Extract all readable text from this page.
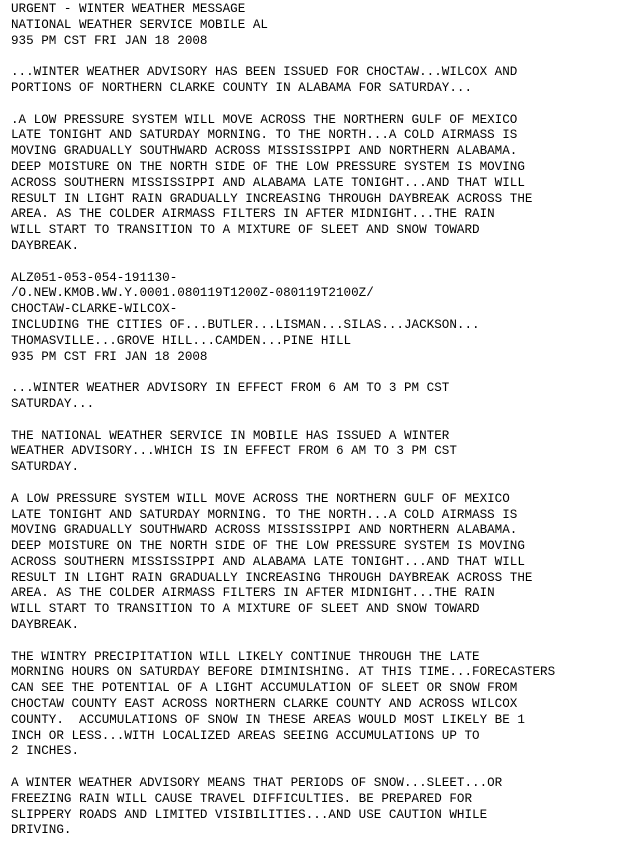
URGENT - WINTER WEATHER MESSAGE
NATIONAL WEATHER SERVICE MOBILE AL
935 PM CST FRI JAN 18 2008
...WINTER WEATHER ADVISORY HAS BEEN ISSUED FOR CHOCTAW...WILCOX AND
PORTIONS OF NORTHERN CLARKE COUNTY IN ALABAMA FOR SATURDAY...
.A LOW PRESSURE SYSTEM WILL MOVE ACROSS THE NORTHERN GULF OF MEXICO
LATE TONIGHT AND SATURDAY MORNING. TO THE NORTH...A COLD AIRMASS IS
MOVING GRADUALLY SOUTHWARD ACROSS MISSISSIPPI AND NORTHERN ALABAMA.
DEEP MOISTURE ON THE NORTH SIDE OF THE LOW PRESSURE SYSTEM IS MOVING
ACROSS SOUTHERN MISSISSIPPI AND ALABAMA LATE TONIGHT...AND THAT WILL
RESULT IN LIGHT RAIN GRADUALLY INCREASING THROUGH DAYBREAK ACROSS THE
AREA. AS THE COLDER AIRMASS FILTERS IN AFTER MIDNIGHT...THE RAIN
WILL START TO TRANSITION TO A MIXTURE OF SLEET AND SNOW TOWARD
DAYBREAK.
ALZ051-053-054-191130-
/O.NEW.KMOB.WW.Y.0001.080119T1200Z-080119T2100Z/
CHOCTAW-CLARKE-WILCOX-
INCLUDING THE CITIES OF...BUTLER...LISMAN...SILAS...JACKSON...
THOMASVILLE...GROVE HILL...CAMDEN...PINE HILL
935 PM CST FRI JAN 18 2008
...WINTER WEATHER ADVISORY IN EFFECT FROM 6 AM TO 3 PM CST
SATURDAY...
THE NATIONAL WEATHER SERVICE IN MOBILE HAS ISSUED A WINTER
WEATHER ADVISORY...WHICH IS IN EFFECT FROM 6 AM TO 3 PM CST
SATURDAY.
A LOW PRESSURE SYSTEM WILL MOVE ACROSS THE NORTHERN GULF OF MEXICO
LATE TONIGHT AND SATURDAY MORNING. TO THE NORTH...A COLD AIRMASS IS
MOVING GRADUALLY SOUTHWARD ACROSS MISSISSIPPI AND NORTHERN ALABAMA.
DEEP MOISTURE ON THE NORTH SIDE OF THE LOW PRESSURE SYSTEM IS MOVING
ACROSS SOUTHERN MISSISSIPPI AND ALABAMA LATE TONIGHT...AND THAT WILL
RESULT IN LIGHT RAIN GRADUALLY INCREASING THROUGH DAYBREAK ACROSS THE
AREA. AS THE COLDER AIRMASS FILTERS IN AFTER MIDNIGHT...THE RAIN
WILL START TO TRANSITION TO A MIXTURE OF SLEET AND SNOW TOWARD
DAYBREAK.
THE WINTRY PRECIPITATION WILL LIKELY CONTINUE THROUGH THE LATE
MORNING HOURS ON SATURDAY BEFORE DIMINISHING. AT THIS TIME...FORECASTERS
CAN SEE THE POTENTIAL OF A LIGHT ACCUMULATION OF SLEET OR SNOW FROM
CHOCTAW COUNTY EAST ACROSS NORTHERN CLARKE COUNTY AND ACROSS WILCOX
COUNTY.  ACCUMULATIONS OF SNOW IN THESE AREAS WOULD MOST LIKELY BE 1
INCH OR LESS...WITH LOCALIZED AREAS SEEING ACCUMULATIONS UP TO
2 INCHES.
A WINTER WEATHER ADVISORY MEANS THAT PERIODS OF SNOW...SLEET...OR
FREEZING RAIN WILL CAUSE TRAVEL DIFFICULTIES. BE PREPARED FOR
SLIPPERY ROADS AND LIMITED VISIBILITIES...AND USE CAUTION WHILE
DRIVING.
